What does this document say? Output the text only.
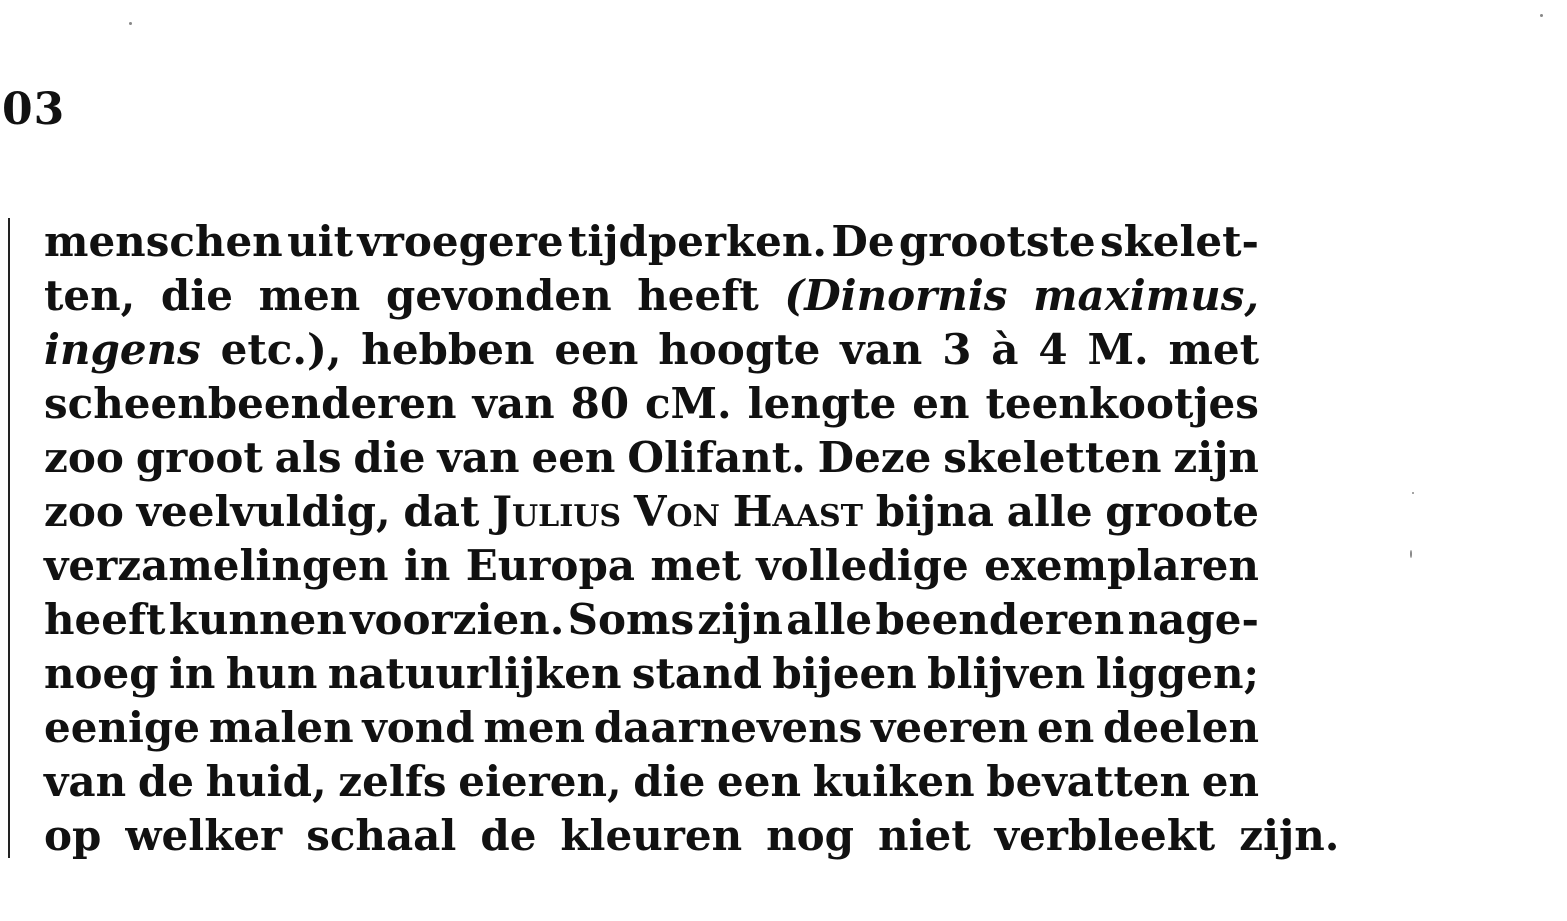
03
menschen uit vroegere tijdperken. De grootste skelet-
ten, die men gevonden heeft (Dinornis maximus,
ingens etc.), hebben een hoogte van 3 à 4 M. met
scheenbeenderen van 80 cM. lengte en teenkootjes
zoo groot als die van een Olifant. Deze skeletten zijn
zoo veelvuldig, dat JULIUS VON HAAST bijna alle groote
verzamelingen in Europa met volledige exemplaren
heeft kunnen voorzien. Soms zijn alle beenderen nage-
noeg in hun natuurlijken stand bijeen blijven liggen;
eenige malen vond men daarnevens veeren en deelen
van de huid, zelfs eieren, die een kuiken bevatten en
op welker schaal de kleuren nog niet verbleekt zijn.
